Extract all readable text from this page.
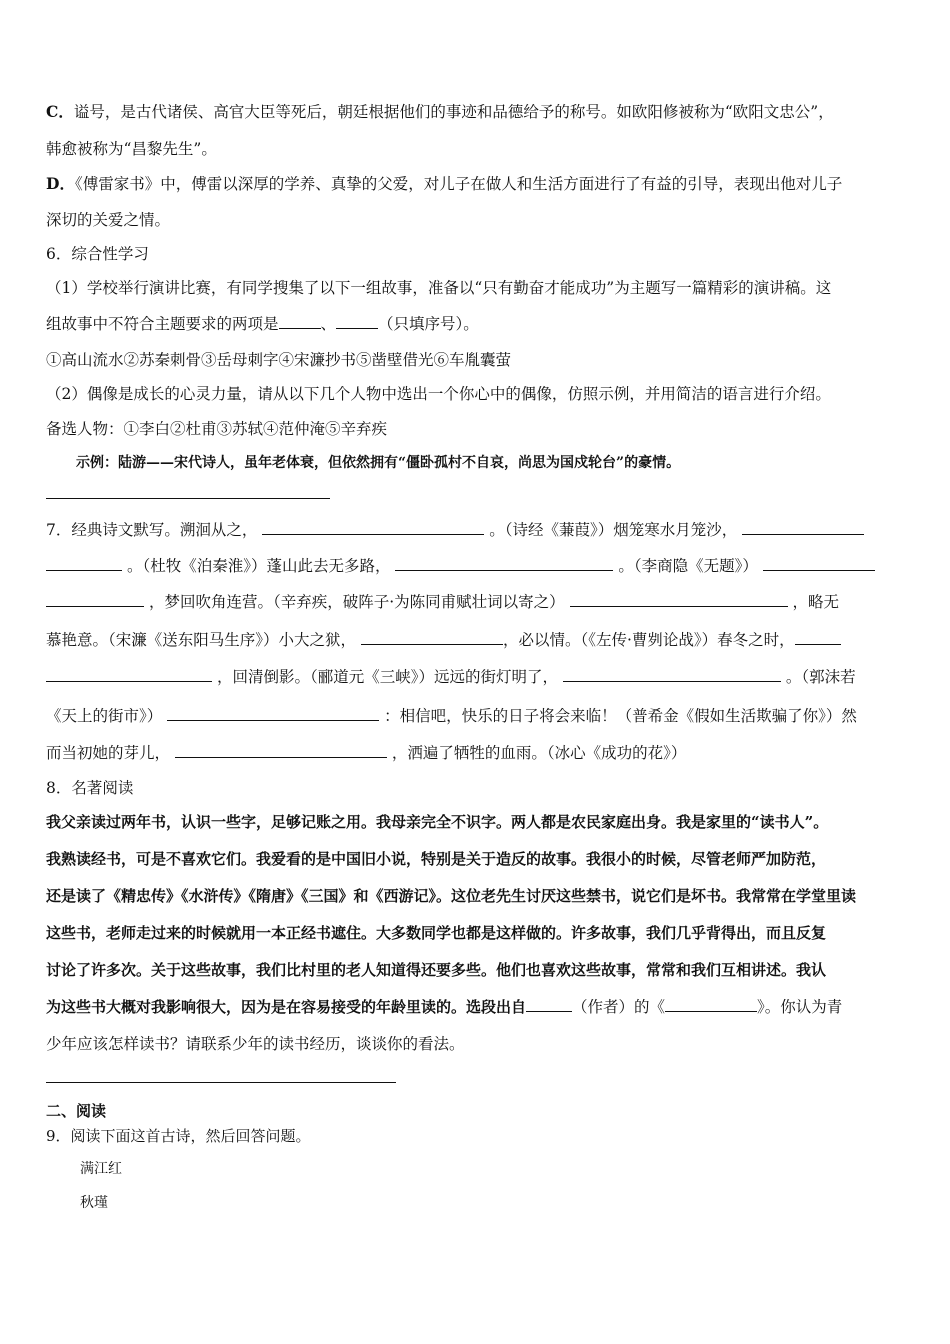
C．谥号，是古代诸侯、高官大臣等死后，朝廷根据他们的事迹和品德给予的称号。如欧阳修被称为“欧阳文忠公”，
韩愈被称为“昌黎先生”。
D．《傅雷家书》中，傅雷以深厚的学养、真挚的父爱，对儿子在做人和生活方面进行了有益的引导，表现出他对儿子
深切的关爱之情。
6．综合性学习
（1）学校举行演讲比赛，有同学搜集了以下一组故事，准备以“只有勤奋才能成功”为主题写一篇精彩的演讲稿。这
组故事中不符合主题要求的两项是	、	（只填序号）。
①高山流水②苏秦刺骨③岳母刺字④宋濂抄书⑤凿壁借光⑥车胤囊萤
（2）偶像是成长的心灵力量，请从以下几个人物中选出一个你心中的偶像，仿照示例，并用简洁的语言进行介绍。
备选人物：①李白②杜甫③苏轼④范仲淹⑤辛弃疾
示例：陆游——宋代诗人，虽年老体衰，但依然拥有“僵卧孤村不自哀，尚思为国戍轮台”的豪情。
7．经典诗文默写。溯洄从之，	。（诗经《蒹葭》）烟笼寒水月笼沙，
。（杜牧《泊秦淮》）蓬山此去无多路，	。（李商隐《无题》）
，梦回吹角连营。（辛弃疾，破阵子·为陈同甫赋壮词以寄之）	，略无
慕艳意。（宋濂《送东阳马生序》）小大之狱，	，必以情。（《左传·曹刿论战》）春冬之时，
，回清倒影。（郦道元《三峡》）远远的街灯明了，	。（郭沫若
《天上的街市》）	：相信吧，快乐的日子将会来临！（普希金《假如生活欺骗了你》）然
而当初她的芽儿，	，洒遍了牺牲的血雨。（冰心《成功的花》）
8．名著阅读
我父亲读过两年书，认识一些字，足够记账之用。我母亲完全不识字。两人都是农民家庭出身。我是家里的“读书人”。
我熟读经书，可是不喜欢它们。我爱看的是中国旧小说，特别是关于造反的故事。我很小的时候，尽管老师严加防范，
还是读了《精忠传》《水浒传》《隋唐》《三国》和《西游记》。这位老先生讨厌这些禁书，说它们是坏书。我常常在学堂里读
这些书，老师走过来的时候就用一本正经书遮住。大多数同学也都是这样做的。许多故事，我们几乎背得出，而且反复
讨论了许多次。关于这些故事，我们比村里的老人知道得还要多些。他们也喜欢这些故事，常常和我们互相讲述。我认
为这些书大概对我影响很大，因为是在容易接受的年龄里读的。选段出自	（作者）的《	》。你认为青
少年应该怎样读书？请联系少年的读书经历，谈谈你的看法。
二、阅读
9．阅读下面这首古诗，然后回答问题。
满江红
秋瑾
